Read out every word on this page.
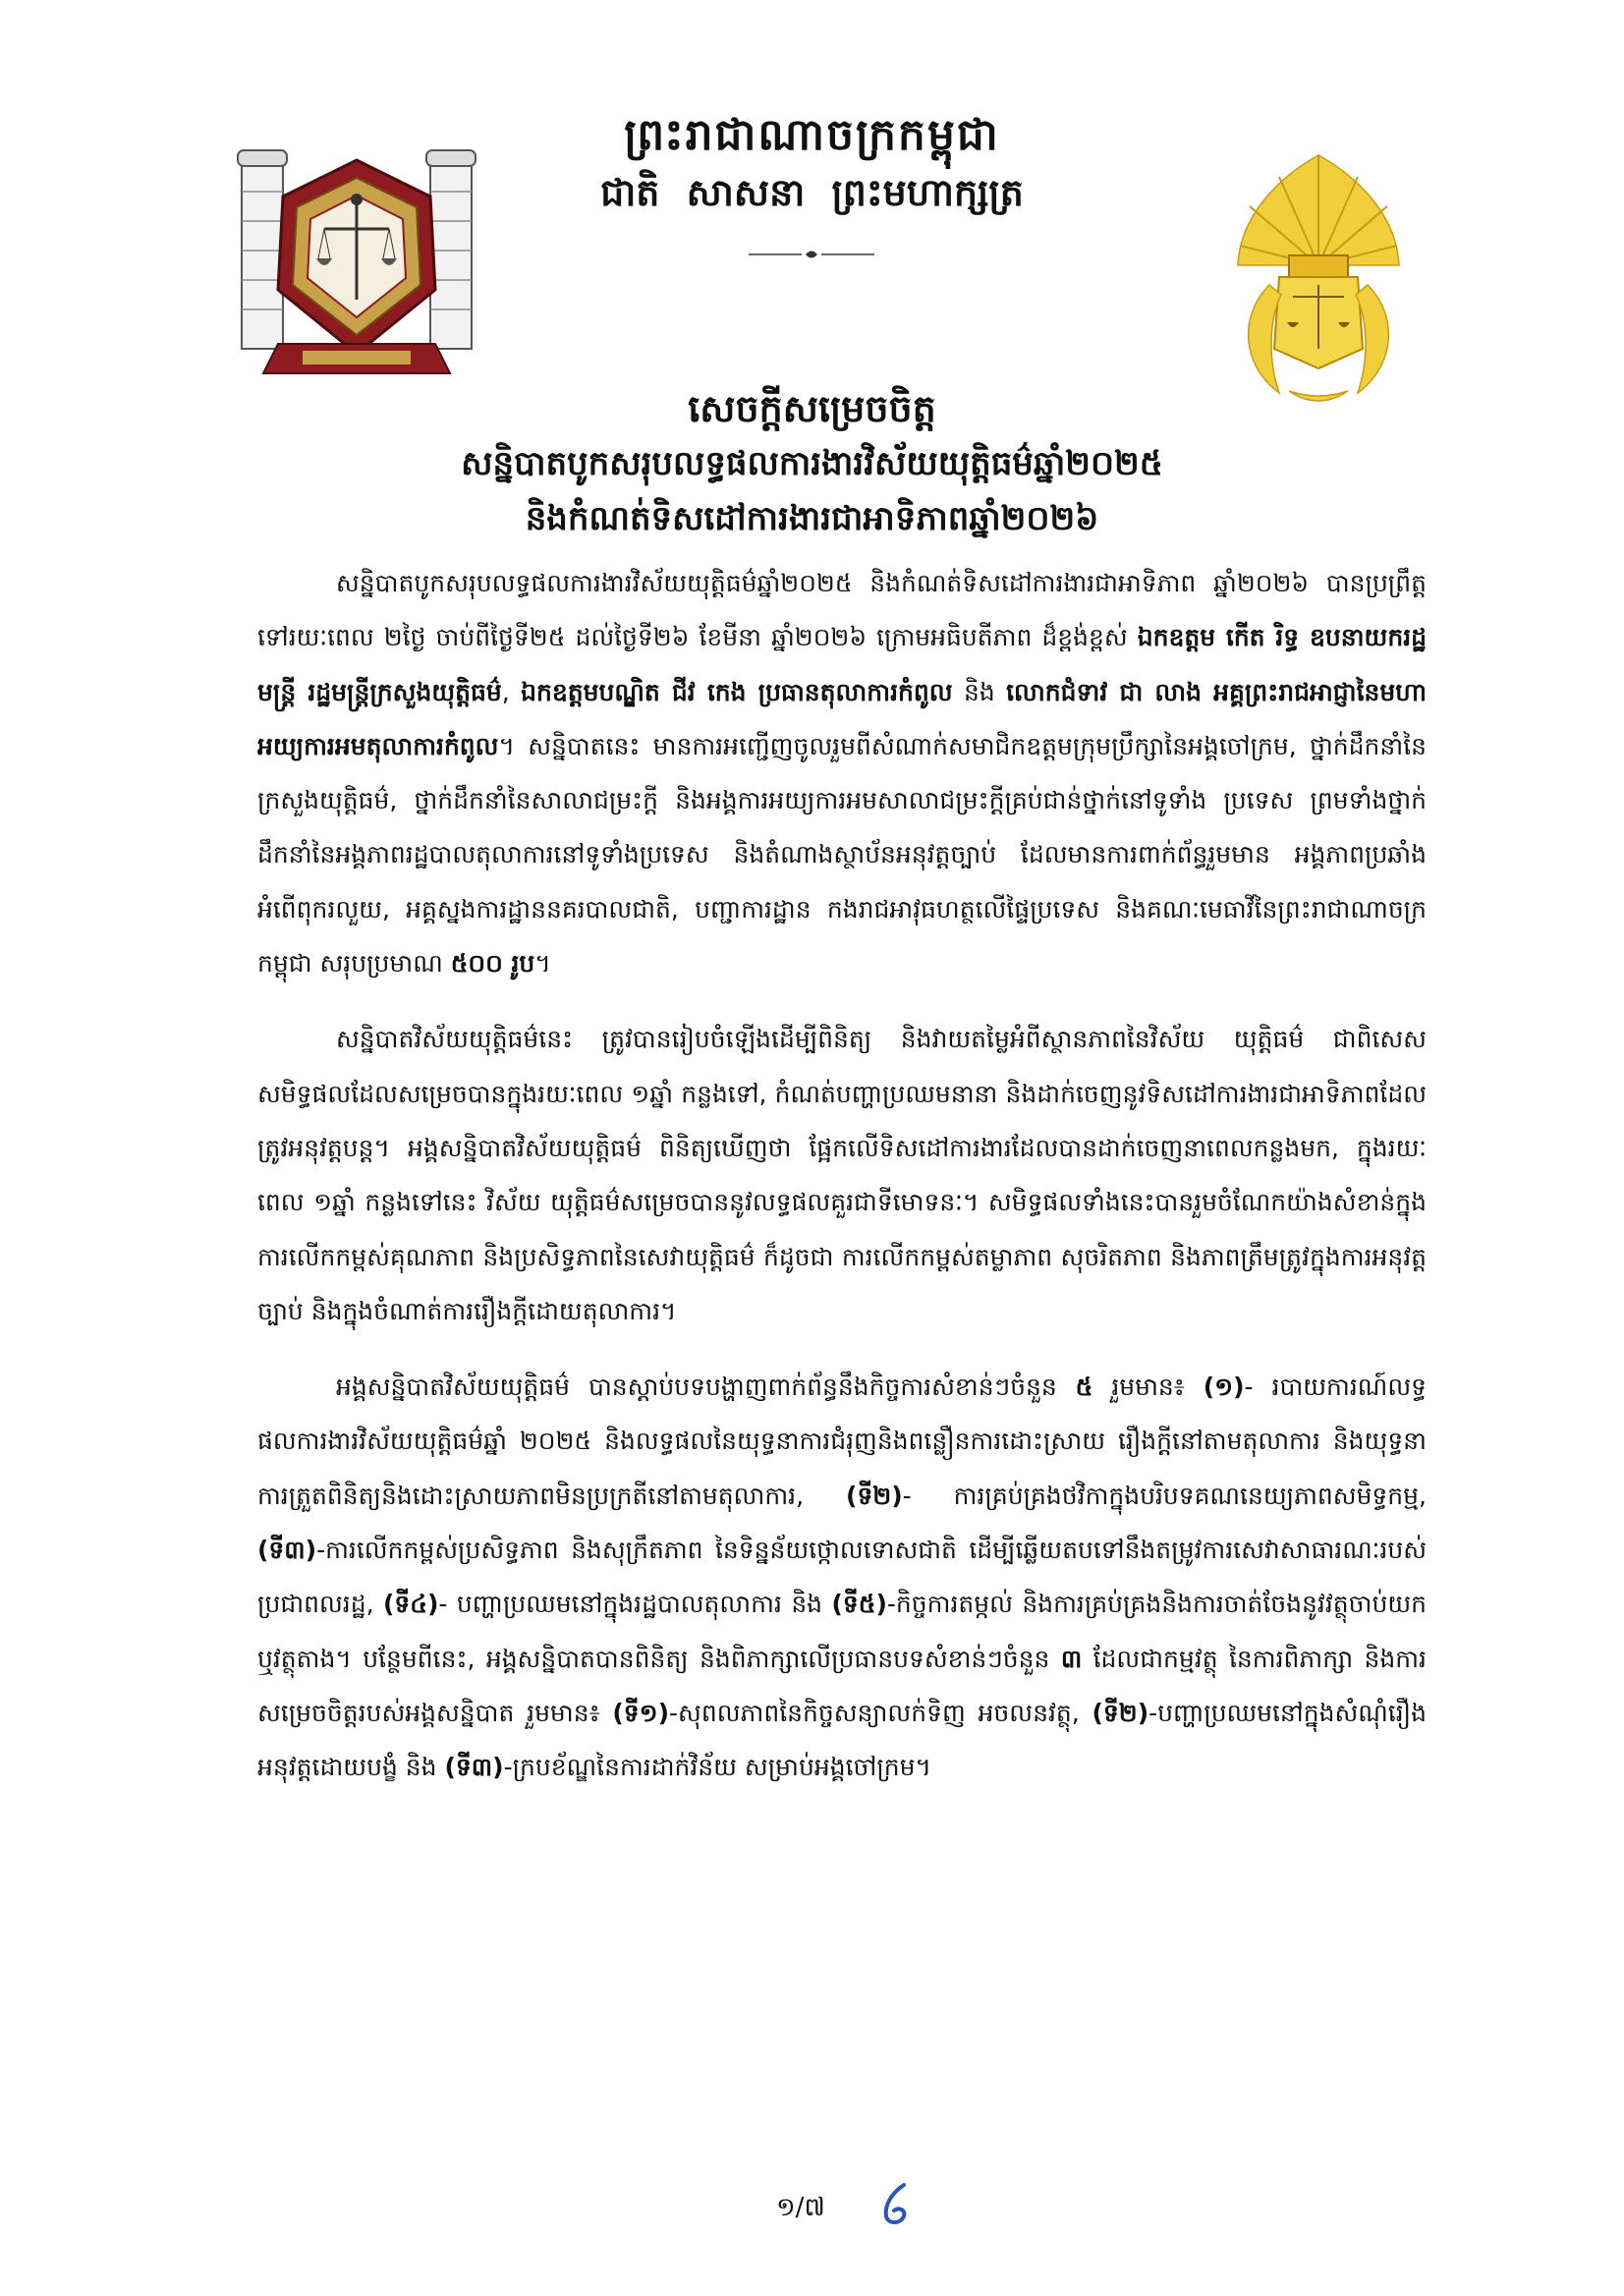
ព្រះរាជាណាចក្រកម្ពុជា
ជាតិ សាសនា ព្រះមហាក្សត្រ
សេចក្តីសម្រេចចិត្ត
សន្និបាតបូកសរុបលទ្ធផលការងារវិស័យយុត្តិធម៌ឆ្នាំ២០២៥
និងកំណត់ទិសដៅការងារជាអាទិភាពឆ្នាំ២០២៦

សន្និបាតបូកសរុបលទ្ធផលការងារវិស័យយុត្តិធម៌ឆ្នាំ២០២៥ និងកំណត់ទិសដៅការងារជាអាទិភាព ឆ្នាំ២០២៦ បានប្រព្រឹត្តទៅរយៈពេល ២ថ្ងៃ ចាប់ពីថ្ងៃទី២៥ ដល់ថ្ងៃទី២៦ ខែមីនា ឆ្នាំ២០២៦ ក្រោមអធិបតីភាព ដ៏ខ្ពង់ខ្ពស់ ឯកឧត្តម កើត រិទ្ធ ឧបនាយករដ្ឋមន្ត្រី រដ្ឋមន្ត្រីក្រសួងយុត្តិធម៌, ឯកឧត្តមបណ្ឌិត ជីវ កេង ប្រធានតុលាការកំពូល និង លោកជំទាវ ជា លាង អគ្គព្រះរាជអាជ្ញានៃមហាអយ្យការអមតុលាការកំពូល។ សន្និបាតនេះ មានការអញ្ជើញចូលរួមពីសំណាក់សមាជិកឧត្តមក្រុមប្រឹក្សានៃអង្គចៅក្រម, ថ្នាក់ដឹកនាំនៃ ក្រសួងយុត្តិធម៌, ថ្នាក់ដឹកនាំនៃសាលាជម្រះក្តី និងអង្គការអយ្យការអមសាលាជម្រះក្តីគ្រប់ជាន់ថ្នាក់នៅទូទាំង ប្រទេស ព្រមទាំងថ្នាក់ដឹកនាំនៃអង្គភាពរដ្ឋបាលតុលាការនៅទូទាំងប្រទេស និងតំណាងស្ថាប័នអនុវត្តច្បាប់ ដែលមានការពាក់ព័ន្ធរួមមាន អង្គភាពប្រឆាំងអំពើពុករលួយ, អគ្គស្នងការដ្ឋាននគរបាលជាតិ, បញ្ជាការដ្ឋាន កងរាជអាវុធហត្ថលើផ្ទៃប្រទេស និងគណៈមេធាវីនៃព្រះរាជាណាចក្រកម្ពុជា សរុបប្រមាណ ៥០០ រូប។

សន្និបាតវិស័យយុត្តិធម៌នេះ ត្រូវបានរៀបចំឡើងដើម្បីពិនិត្យ និងវាយតម្លៃអំពីស្ថានភាពនៃវិស័យ យុត្តិធម៌ ជាពិសេស សមិទ្ធផលដែលសម្រេចបានក្នុងរយៈពេល ១ឆ្នាំ កន្លងទៅ, កំណត់បញ្ហាប្រឈមនានា និងដាក់ចេញនូវទិសដៅការងារជាអាទិភាពដែលត្រូវអនុវត្តបន្ត។ អង្គសន្និបាតវិស័យយុត្តិធម៌ ពិនិត្យឃើញថា ផ្អែកលើទិសដៅការងារដែលបានដាក់ចេញនាពេលកន្លងមក, ក្នុងរយៈពេល ១ឆ្នាំ កន្លងទៅនេះ វិស័យ យុត្តិធម៌សម្រេចបាននូវលទ្ធផលគួរជាទីមោទនៈ។ សមិទ្ធផលទាំងនេះបានរួមចំណែកយ៉ាងសំខាន់ក្នុង ការលើកកម្ពស់គុណភាព និងប្រសិទ្ធភាពនៃសេវាយុត្តិធម៌ ក៏ដូចជា ការលើកកម្ពស់តម្លាភាព សុចរិតភាព និងភាពត្រឹមត្រូវក្នុងការអនុវត្តច្បាប់ និងក្នុងចំណាត់ការរឿងក្តីដោយតុលាការ។

អង្គសន្និបាតវិស័យយុត្តិធម៌ បានស្តាប់បទបង្ហាញពាក់ព័ន្ធនឹងកិច្ចការសំខាន់ៗចំនួន ៥ រួមមាន៖ (១)- របាយការណ៍លទ្ធផលការងារវិស័យយុត្តិធម៌ឆ្នាំ ២០២៥ និងលទ្ធផលនៃយុទ្ធនាការជំរុញនិងពន្លឿនការដោះស្រាយ រឿងក្តីនៅតាមតុលាការ និងយុទ្ធនាការត្រួតពិនិត្យនិងដោះស្រាយភាពមិនប្រក្រតីនៅតាមតុលាការ, (ទី២)- ការគ្រប់គ្រងថវិកាក្នុងបរិបទគណនេយ្យភាពសមិទ្ធកម្ម, (ទី៣)-ការលើកកម្ពស់ប្រសិទ្ធភាព និងសុក្រឹតភាព នៃទិន្នន័យថ្កោលទោសជាតិ ដើម្បីឆ្លើយតបទៅនឹងតម្រូវការសេវាសាធារណៈរបស់ប្រជាពលរដ្ឋ, (ទី៤)- បញ្ហាប្រឈមនៅក្នុងរដ្ឋបាលតុលាការ និង (ទី៥)-កិច្ចការតម្កល់ និងការគ្រប់គ្រងនិងការចាត់ចែងនូវវត្ថុចាប់យក ឬវត្ថុតាង។ បន្ថែមពីនេះ, អង្គសន្និបាតបានពិនិត្យ និងពិភាក្សាលើប្រធានបទសំខាន់ៗចំនួន ៣ ដែលជាកម្មវត្ថុ នៃការពិភាក្សា និងការសម្រេចចិត្តរបស់អង្គសន្និបាត រួមមាន៖ (ទី១)-សុពលភាពនៃកិច្ចសន្យាលក់ទិញ អចលនវត្ថុ, (ទី២)-បញ្ហាប្រឈមនៅក្នុងសំណុំរឿងអនុវត្តដោយបង្ខំ និង (ទី៣)-ក្របខ័ណ្ឌនៃការដាក់វិន័យ សម្រាប់អង្គចៅក្រម។

១/៧
